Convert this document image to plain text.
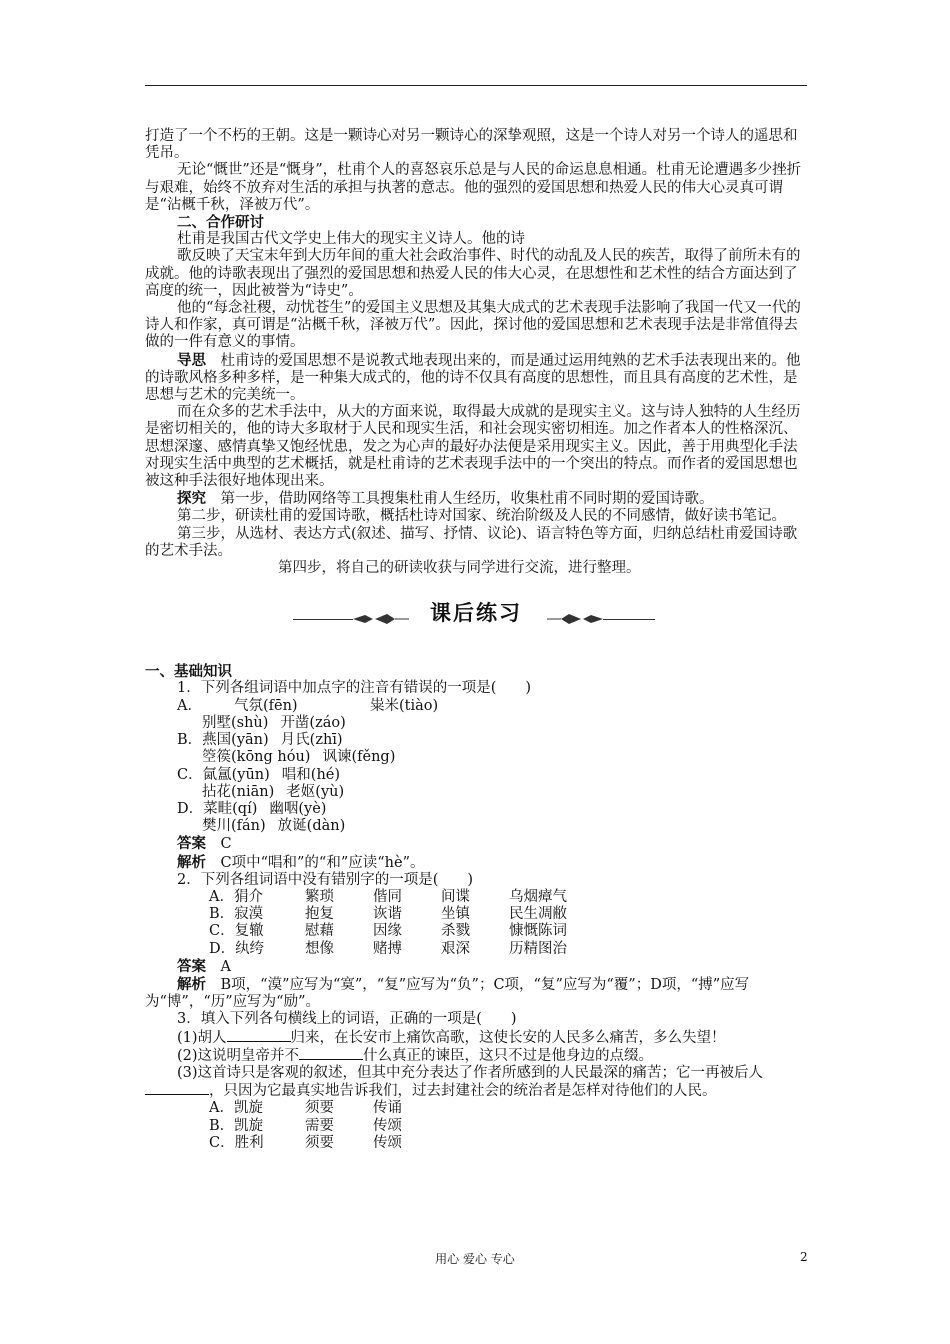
打造了一个不朽的王朝。这是一颗诗心对另一颗诗心的深挚观照，这是一个诗人对另一个诗人的遥思和凭吊。

无论“慨世”还是“慨身”，杜甫个人的喜怒哀乐总是与人民的命运息息相通。杜甫无论遭遇多少挫折与艰难，始终不放弃对生活的承担与执著的意志。他的强烈的爱国思想和热爱人民的伟大心灵真可谓是“沾概千秋，泽被万代”。

二、合作研讨

杜甫是我国古代文学史上伟大的现实主义诗人。他的诗

歌反映了天宝末年到大历年间的重大社会政治事件、时代的动乱及人民的疾苦，取得了前所未有的成就。他的诗歌表现出了强烈的爱国思想和热爱人民的伟大心灵，在思想性和艺术性的结合方面达到了高度的统一，因此被誉为“诗史”。

他的“每念社稷，动忧苍生”的爱国主义思想及其集大成式的艺术表现手法影响了我国一代又一代的诗人和作家，真可谓是“沾概千秋，泽被万代”。因此，探讨他的爱国思想和艺术表现手法是非常值得去做的一件有意义的事情。

导思　 杜甫诗的爱国思想不是说教式地表现出来的，而是通过运用纯熟的艺术手法表现出来的。他的诗歌风格多种多样，是一种集大成式的，他的诗不仅具有高度的思想性，而且具有高度的艺术性，是思想与艺术的完美统一。

而在众多的艺术手法中，从大的方面来说，取得最大成就的是现实主义。这与诗人独特的人生经历是密切相关的，他的诗大多取材于人民和现实生活，和社会现实密切相连。加之作者本人的性格深沉、思想深邃、感情真挚又饱经忧患，发之为心声的最好办法便是采用现实主义。因此，善于用典型化手法对现实生活中典型的艺术概括，就是杜甫诗的艺术表现手法中的一个突出的特点。而作者的爱国思想也被这种手法很好地体现出来。

探究　 第一步，借助网络等工具搜集杜甫人生经历，收集杜甫不同时期的爱国诗歌。

第二步，研读杜甫的爱国诗歌，概括杜诗对国家、统治阶级及人民的不同感情，做好读书笔记。

第三步，从选材、表达方式(叙述、描写、抒情、议论)、语言特色等方面，归纳总结杜甫爱国诗歌的艺术手法。

第四步，将自己的研读收获与同学进行交流，进行整理。

课后练习

一、基础知识

1．下列各组词语中加点字的注音有错误的一项是(　　)

A． 气氛(fēn)	粜米(tiào)

别墅(shù) 开凿(záo)

B．燕国(yān) 月氏(zhī)

箜篌(kōng hóu) 讽谏(fěng)

C．氤氲(yūn) 唱和(hé)

拈花(niān) 老妪(yù)

D．菜畦(qí) 幽咽(yè)

樊川(fán) 放诞(dàn)

答案　 C

解析　 C项中“唱和”的“和”应读“hè”。

2．下列各组词语中没有错别字的一项是(　　)

A．狷介	繁琐	偕同	间谍	乌烟瘴气

B．寂漠	抱复	诙谐	坐镇	民生凋敝

C．复辙	慰藉	因缘	杀戮	慷慨陈词

D．纨绔	想像	赌搏	艰深	历精图治

答案　 A

解析　 B项，“漠”应写为“寞”，“复”应写为“负”；C项，“复”应写为“覆”；D项，“搏”应写为“博”，“历”应写为“励”。

3．填入下列各句横线上的词语，正确的一项是(　　)

(1)胡人	归来，在长安市上痛饮高歌，这使长安的人民多么痛苦，多么失望！

(2)这说明皇帝并不	什么真正的谏臣，这只不过是他身边的点缀。

(3)这首诗只是客观的叙述，但其中充分表达了作者所感到的人民最深的痛苦；它一再被后人，只因为它最真实地告诉我们，过去封建社会的统治者是怎样对待他们的人民。

A．凯旋	须要	传诵

B．凯旋	需要	传颂

C．胜利	须要	传颂

用心 爱心 专心	2
